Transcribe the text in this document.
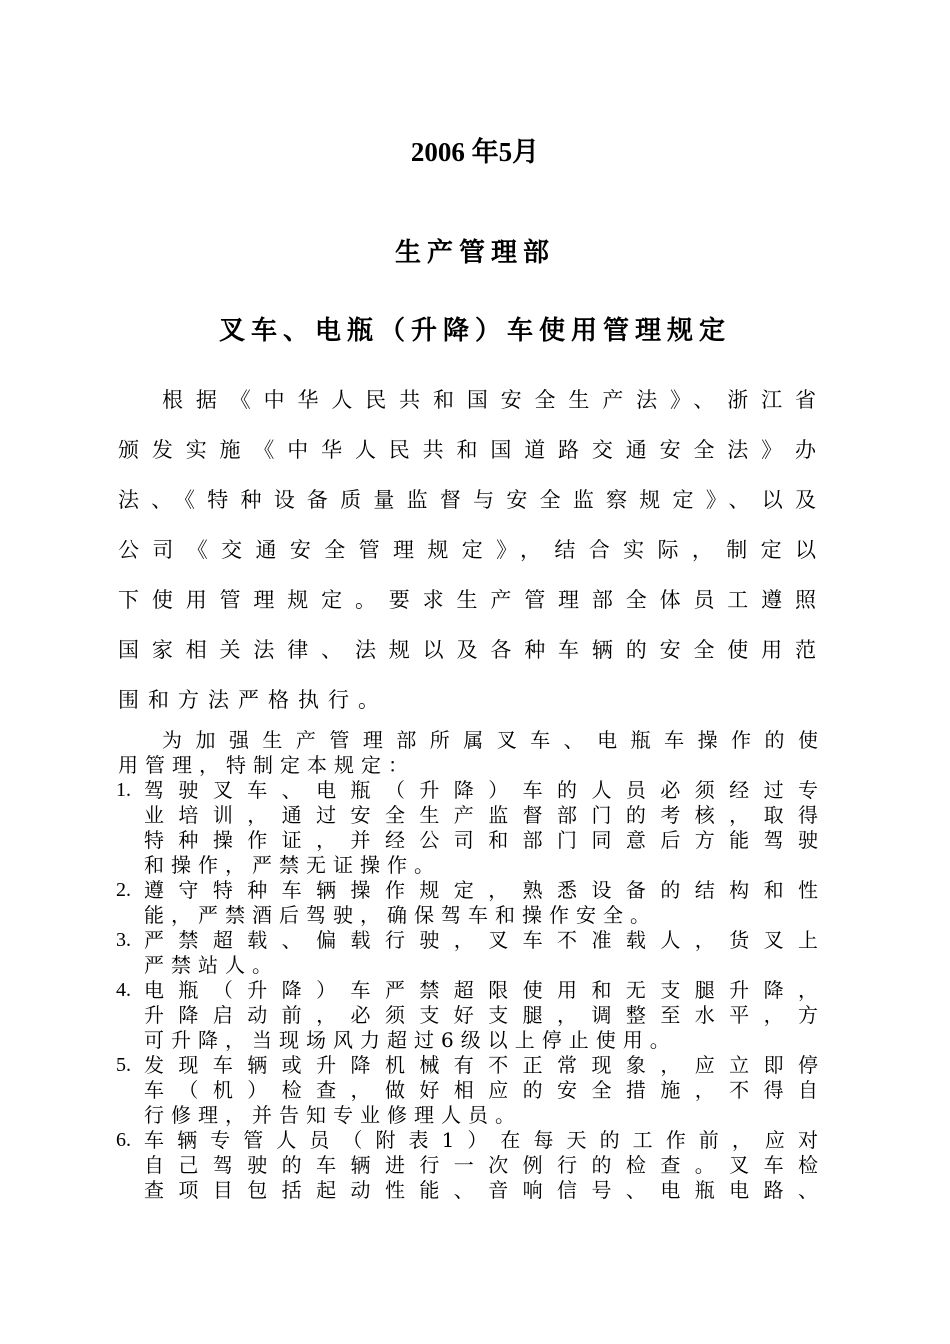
2006 年5月
生产管理部
叉车、电瓶（升降）车使用管理规定
根据《中华人民共和国安全生产法》、浙江省
颁发实施《中华人民共和国道路交通安全法》办
法、《特种设备质量监督与安全监察规定》、以及
公司《交通安全管理规定》，结合实际，制定以
下使用管理规定。要求生产管理部全体员工遵照
国家相关法律、法规以及各种车辆的安全使用范
围和方法严格执行。
为加强生产管理部所属叉车、电瓶车操作的使
用管理，特制定本规定：
1. 驾驶叉车、电瓶（升降）车的人员必须经过专
业培训，通过安全生产监督部门的考核，取得
特种操作证，并经公司和部门同意后方能驾驶
和操作，严禁无证操作。
2. 遵守特种车辆操作规定，熟悉设备的结构和性
能，严禁酒后驾驶，确保驾车和操作安全。
3. 严禁超载、偏载行驶，叉车不准载人，货叉上
严禁站人。
4. 电瓶（升降）车严禁超限使用和无支腿升降，
升降启动前，必须支好支腿，调整至水平，方
可升降，当现场风力超过6级以上停止使用。
5. 发现车辆或升降机械有不正常现象，应立即停
车（机）检查，做好相应的安全措施，不得自
行修理，并告知专业修理人员。
6. 车辆专管人员（附表1）在每天的工作前，应对
自己驾驶的车辆进行一次例行的检查。叉车检
查项目包括起动性能、音响信号、电瓶电路、
